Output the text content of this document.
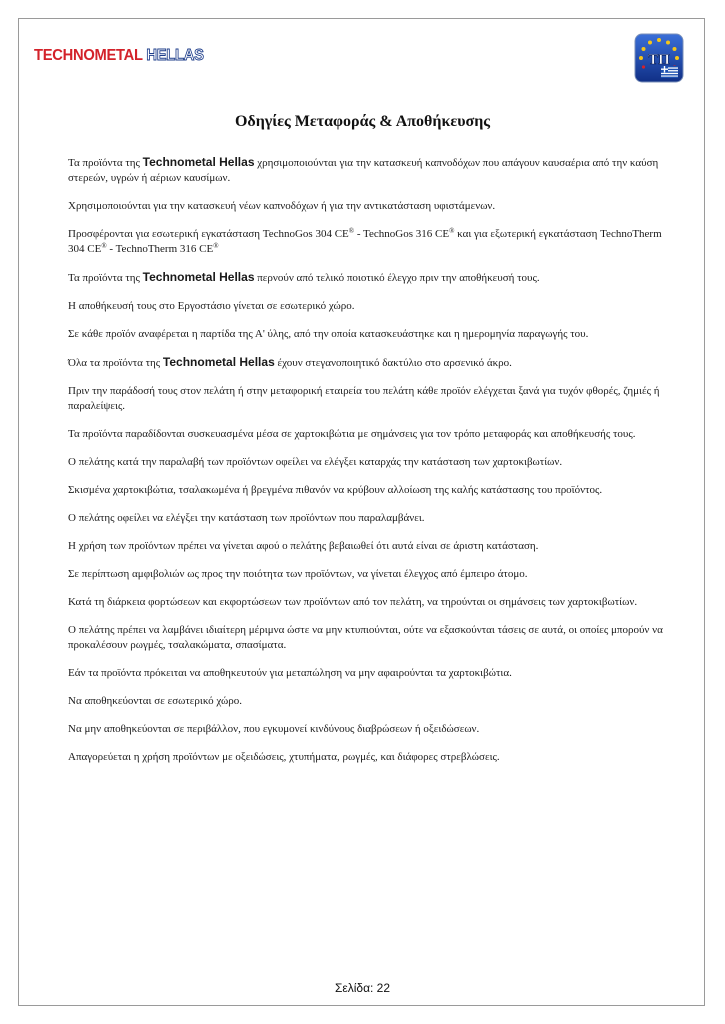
TECHNOMETAL HELLAS	ΤΠ
Οδηγίες Μεταφοράς & Αποθήκευσης

Τα προϊόντα της Technometal Hellas χρησιμοποιούνται για την κατασκευή καπνοδόχων που απάγουν καυσαέρια από την καύση στερεών, υγρών ή αέριων καυσίμων.

Χρησιμοποιούνται για την κατασκευή νέων καπνοδόχων ή για την αντικατάσταση υφιστάμενων.

Προσφέρονται για εσωτερική εγκατάσταση TechnoGos 304 CE® - TechnoGos 316 CE® και για εξωτερική εγκατάσταση TechnoTherm 304 CE® - TechnoTherm 316 CE®

Τα προϊόντα της Technometal Hellas περνούν από τελικό ποιοτικό έλεγχο πριν την αποθήκευσή τους.

Η αποθήκευσή τους στο Εργοστάσιο γίνεται σε εσωτερικό χώρο.

Σε κάθε προϊόν αναφέρεται η παρτίδα της Α' ύλης, από την οποία κατασκευάστηκε και η ημερομηνία παραγωγής του.

Όλα τα προϊόντα της Technometal Hellas έχουν στεγανοποιητικό δακτύλιο στο αρσενικό άκρο.

Πριν την παράδοσή τους στον πελάτη ή στην μεταφορική εταιρεία του πελάτη κάθε προϊόν ελέγχεται ξανά για τυχόν φθορές, ζημιές ή παραλείψεις.

Τα προϊόντα παραδίδονται συσκευασμένα μέσα σε χαρτοκιβώτια με σημάνσεις για τον τρόπο μεταφοράς και αποθήκευσής τους.

Ο πελάτης κατά την παραλαβή των προϊόντων οφείλει να ελέγξει καταρχάς την κατάσταση των χαρτοκιβωτίων.

Σκισμένα χαρτοκιβώτια, τσαλακωμένα ή βρεγμένα πιθανόν να κρύβουν αλλοίωση της καλής κατάστασης του προϊόντος.

Ο πελάτης οφείλει να ελέγξει την κατάσταση των προϊόντων που παραλαμβάνει.

Η χρήση των προϊόντων πρέπει να γίνεται αφού ο πελάτης βεβαιωθεί ότι αυτά είναι σε άριστη κατάσταση.

Σε περίπτωση αμφιβολιών ως προς την ποιότητα των προϊόντων, να γίνεται έλεγχος από έμπειρο άτομο.

Κατά τη διάρκεια φορτώσεων και εκφορτώσεων των προϊόντων από τον πελάτη, να τηρούνται οι σημάνσεις των χαρτοκιβωτίων.

Ο πελάτης πρέπει να λαμβάνει ιδιαίτερη μέριμνα ώστε να μην κτυπιούνται, ούτε να εξασκούνται τάσεις σε αυτά, οι οποίες μπορούν να προκαλέσουν ρωγμές, τσαλακώματα, σπασίματα.

Εάν τα προϊόντα πρόκειται να αποθηκευτούν για μεταπώληση να μην αφαιρούνται τα χαρτοκιβώτια.

Να αποθηκεύονται σε εσωτερικό χώρο.

Να μην αποθηκεύονται σε περιβάλλον, που εγκυμονεί κινδύνους διαβρώσεων ή οξειδώσεων.

Απαγορεύεται η χρήση προϊόντων με οξειδώσεις, χτυπήματα, ρωγμές, και διάφορες στρεβλώσεις.

Σελίδα: 22
